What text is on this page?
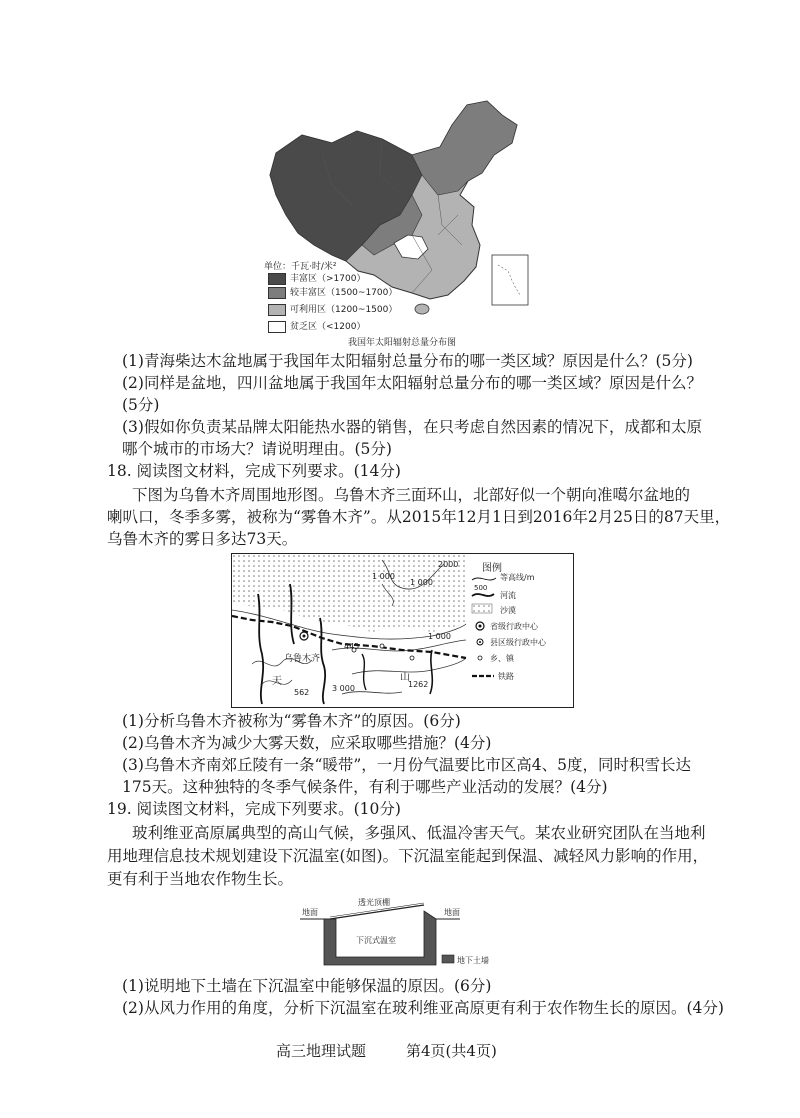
单位：千瓦·时/米²
丰富区（>1700）
较丰富区（1500~1700）
可利用区（1200~1500）
贫乏区（<1200）
我国年太阳辐射总量分布图
(1)青海柴达木盆地属于我国年太阳辐射总量分布的哪一类区域？原因是什么？(5分)
(2)同样是盆地，四川盆地属于我国年太阳辐射总量分布的哪一类区域？原因是什么？
(5分)
(3)假如你负责某品牌太阳能热水器的销售，在只考虑自然因素的情况下，成都和太原
哪个城市的市场大？请说明理由。(5分)
18. 阅读图文材料，完成下列要求。(14分)
下图为乌鲁木齐周围地形图。乌鲁木齐三面环山，北部好似一个朝向准噶尔盆地的
喇叭口，冬季多雾，被称为“雾鲁木齐”。从2015年12月1日到2016年2月25日的87天里，
乌鲁木齐的雾日多达73天。
2000
1 000
1 000
1 000
445
乌鲁木齐
562	3 000
天	山
1262
图例
500
等高线/m
河流
沙漠
省级行政中心
县区级行政中心
乡、镇
铁路
(1)分析乌鲁木齐被称为“雾鲁木齐”的原因。(6分)
(2)乌鲁木齐为减少大雾天数，应采取哪些措施？(4分)
(3)乌鲁木齐南郊丘陵有一条“暖带”，一月份气温要比市区高4、5度，同时积雪长达
175天。这种独特的冬季气候条件，有利于哪些产业活动的发展？(4分)
19. 阅读图文材料，完成下列要求。(10分)
玻利维亚高原属典型的高山气候，多强风、低温冷害天气。某农业研究团队在当地利
用地理信息技术规划建设下沉温室(如图)。下沉温室能起到保温、减轻风力影响的作用，
更有利于当地农作物生长。
地面
透光顶棚
地面
下沉式温室
地下土墙
(1)说明地下土墙在下沉温室中能够保温的原因。(6分)
(2)从风力作用的角度，分析下沉温室在玻利维亚高原更有利于农作物生长的原因。(4分)
高三地理试题	第4页(共4页)
